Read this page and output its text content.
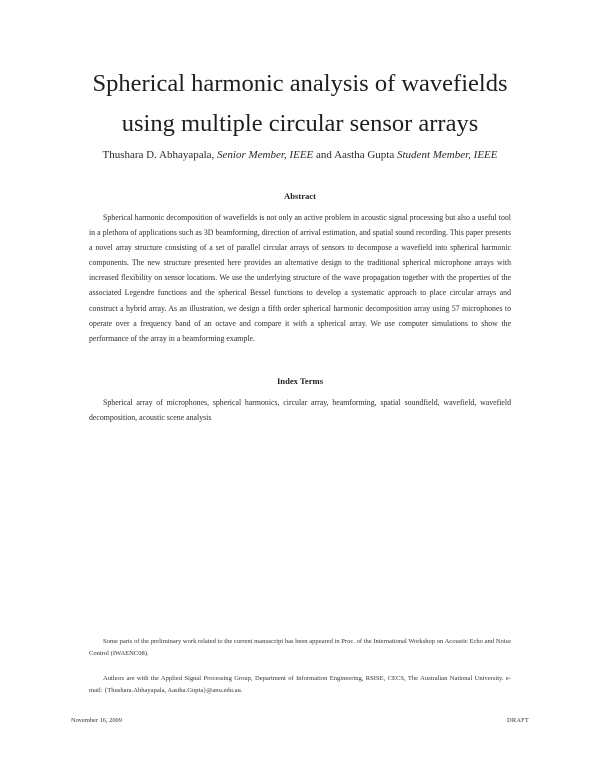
Spherical harmonic analysis of wavefields
using multiple circular sensor arrays
Thushara D. Abhayapala, Senior Member, IEEE and Aastha Gupta Student Member, IEEE
Abstract
Spherical harmonic decomposition of wavefields is not only an active problem in acoustic signal processing but also a useful tool in a plethora of applications such as 3D beamforming, direction of arrival estimation, and spatial sound recording. This paper presents a novel array structure consisting of a set of parallel circular arrays of sensors to decompose a wavefield into spherical harmonic components. The new structure presented here provides an alternative design to the traditional spherical microphone arrays with increased flexibility on sensor locations. We use the underlying structure of the wave propagation together with the properties of the associated Legendre functions and the spherical Bessel functions to develop a systematic approach to place circular arrays and construct a hybrid array. As an illustration, we design a fifth order spherical harmonic decomposition array using 57 microphones to operate over a frequency band of an octave and compare it with a spherical array. We use computer simulations to show the performance of the array in a beamforming example.
Index Terms
Spherical array of microphones, spherical harmonics, circular array, beamforming, spatial soundfield, wavefield, wavefield decomposition, acoustic scene analysis

Some parts of the preliminary work related to the current manuscript has been appeared in Proc. of the International Workshop on Acoustic Echo and Noise Control (IWAENC08).

Authors are with the Applied Signal Processing Group, Department of Information Engineering, RSISE, CECS, The Australian National University. e-mail: {Thushara.Abhayapala, Aastha.Gupta}@anu.edu.au.

November 16, 2009	DRAFT
